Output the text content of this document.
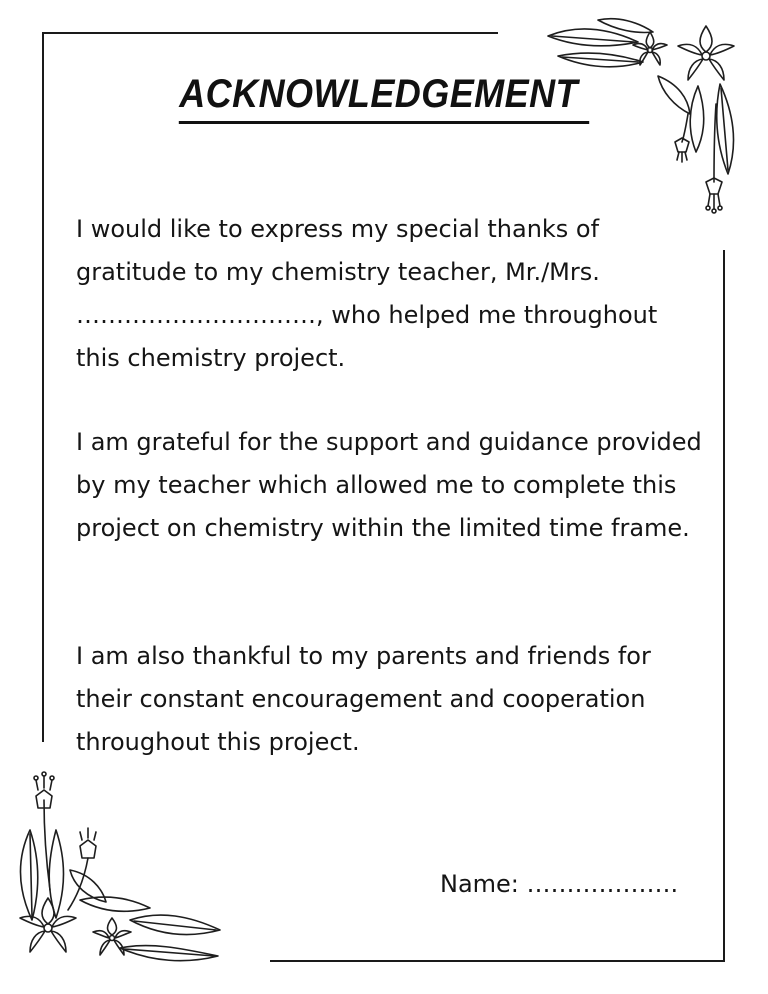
ACKNOWLEDGEMENT

I would like to express my special thanks of gratitude to my chemistry teacher, Mr./Mrs. …………………………, who helped me throughout this chemistry project.

I am grateful for the support and guidance provided by my teacher which allowed me to complete this project on chemistry within the limited time frame.

I am also thankful to my parents and friends for their constant encouragement and cooperation throughout this project.

Name: ……………….
